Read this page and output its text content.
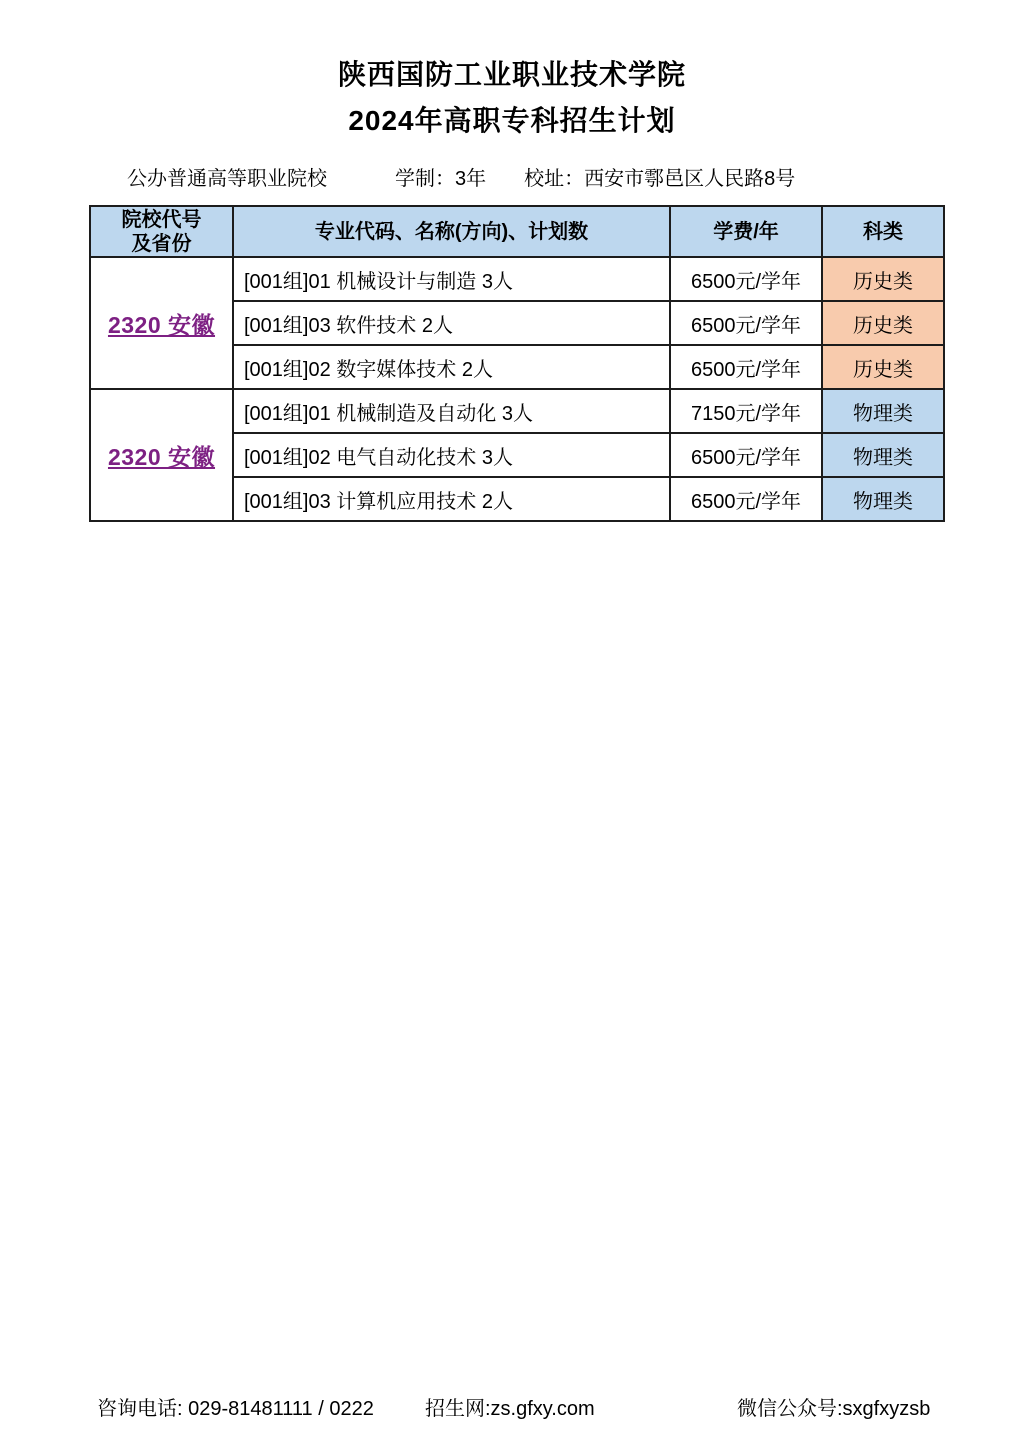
陕西国防工业职业技术学院
2024年高职专科招生计划
公办普通高等职业院校	学制：3年 校址：西安市鄠邑区人民路8号
院校代号
及省份	专业代码、名称(方向)、计划数	学费/年	科类
2320 安徽	[001组]01 机械设计与制造 3人	6500元/学年	历史类
	[001组]03 软件技术 2人	6500元/学年	历史类
	[001组]02 数字媒体技术 2人	6500元/学年	历史类
2320 安徽	[001组]01 机械制造及自动化 3人	7150元/学年	物理类
	[001组]02 电气自动化技术 3人	6500元/学年	物理类
	[001组]03 计算机应用技术 2人	6500元/学年	物理类
咨询电话: 029-81481111 / 0222	招生网:zs.gfxy.com	微信公众号:sxgfxyzsb
